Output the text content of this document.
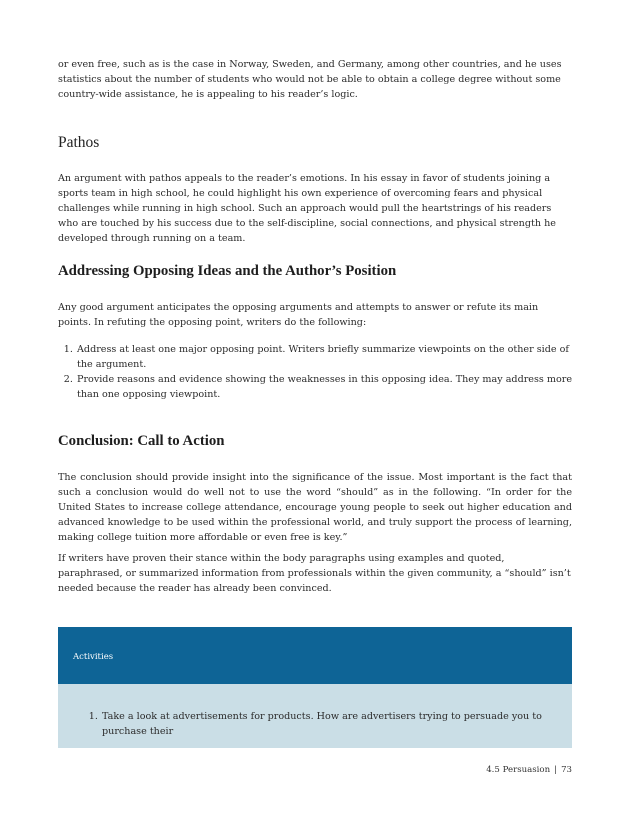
or even free, such as is the case in Norway, Sweden, and Germany, among other countries, and he uses statistics about the number of students who would not be able to obtain a college degree without some country-wide assistance, he is appealing to his reader’s logic.

Pathos

An argument with pathos appeals to the reader’s emotions. In his essay in favor of students joining a sports team in high school, he could highlight his own experience of overcoming fears and physical challenges while running in high school. Such an approach would pull the heartstrings of his readers who are touched by his success due to the self-discipline, social connections, and physical strength he developed through running on a team.

Addressing Opposing Ideas and the Author’s Position

Any good argument anticipates the opposing arguments and attempts to answer or refute its main points. In refuting the opposing point, writers do the following:

1. Address at least one major opposing point. Writers briefly summarize viewpoints on the other side of the argument.
2. Provide reasons and evidence showing the weaknesses in this opposing idea. They may address more than one opposing viewpoint.
Conclusion: Call to Action

The conclusion should provide insight into the significance of the issue. Most important is the fact that such a conclusion would do well not to use the word “should” as in the following. “In order for the United States to increase college attendance, encourage young people to seek out higher education and advanced knowledge to be used within the professional world, and truly support the process of learning, making college tuition more affordable or even free is key.”

If writers have proven their stance within the body paragraphs using examples and quoted, paraphrased, or summarized information from professionals within the given community, a “should” isn’t needed because the reader has already been convinced.

Activities
1. Take a look at advertisements for products. How are advertisers trying to persuade you to purchase their
4.5 Persuasion | 73
